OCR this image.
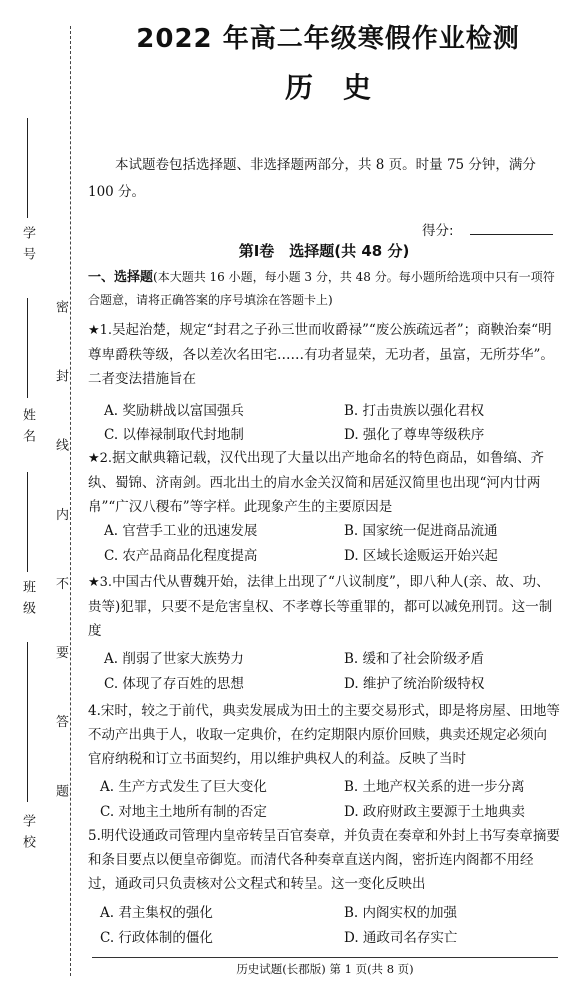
学 号
姓 名
班 级
学 校
密 封 线 内 不 要 答 题
2022 年高二年级寒假作业检测
历史
本试题卷包括选择题、非选择题两部分，共 8 页。时量 75 分钟，满分 100 分。
得分:
第Ⅰ卷　选择题(共 48 分)
一、选择题(本大题共 16 小题，每小题 3 分，共 48 分。每小题所给选项中只有一项符合题意，请将正确答案的序号填涂在答题卡上)
★1.吴起治楚，规定“封君之子孙三世而收爵禄”“废公族疏远者”；商鞅治秦“明尊卑爵秩等级，各以差次名田宅……有功者显荣，无功者，虽富，无所芬华”。二者变法措施旨在
A. 奖励耕战以富国强兵	B. 打击贵族以强化君权
C. 以俸禄制取代封地制	D. 强化了尊卑等级秩序
★2.据文献典籍记载，汉代出现了大量以出产地命名的特色商品，如鲁缟、齐纨、蜀锦、济南剑。西北出土的肩水金关汉简和居延汉简里也出现“河内廿两帛”“广汉八稷布”等字样。此现象产生的主要原因是
A. 官营手工业的迅速发展	B. 国家统一促进商品流通
C. 农产品商品化程度提高	D. 区域长途贩运开始兴起
★3.中国古代从曹魏开始，法律上出现了“八议制度”，即八种人(亲、故、功、贵等)犯罪，只要不是危害皇权、不孝尊长等重罪的，都可以减免刑罚。这一制度
A. 削弱了世家大族势力	B. 缓和了社会阶级矛盾
C. 体现了存百姓的思想	D. 维护了统治阶级特权
4.宋时，较之于前代，典卖发展成为田土的主要交易形式，即是将房屋、田地等不动产出典于人，收取一定典价，在约定期限内原价回赎，典卖还规定必须向官府纳税和订立书面契约，用以维护典权人的利益。反映了当时
A. 生产方式发生了巨大变化	B. 土地产权关系的进一步分离
C. 对地主土地所有制的否定	D. 政府财政主要源于土地典卖
5.明代设通政司管理内皇帝转呈百官奏章，并负责在奏章和外封上书写奏章摘要和条目要点以便皇帝御览。而清代各种奏章直送内阁，密折连内阁都不用经过，通政司只负责核对公文程式和转呈。这一变化反映出
A. 君主集权的强化	B. 内阁实权的加强
C. 行政体制的僵化	D. 通政司名存实亡
历史试题(长郡版) 第 1 页(共 8 页)
